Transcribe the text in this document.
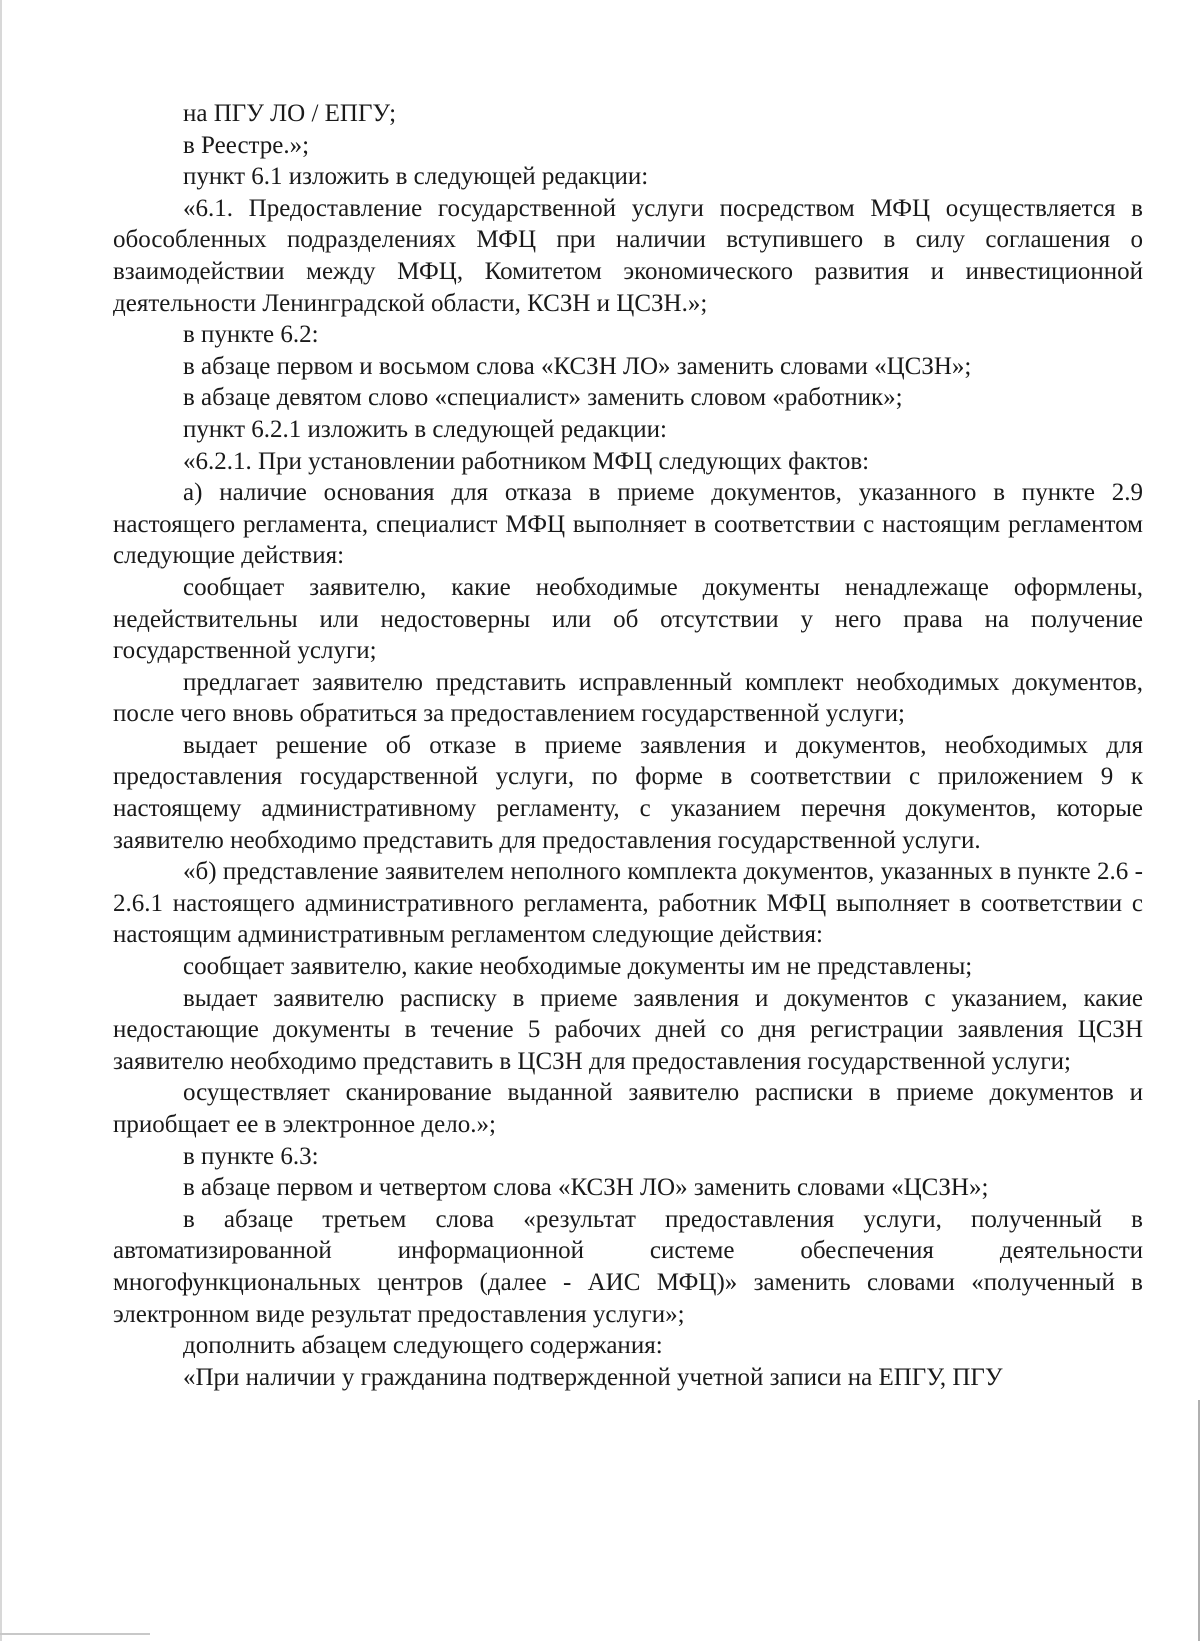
на ПГУ ЛО / ЕПГУ;

в Реестре.»;

пункт 6.1 изложить в следующей редакции:

«6.1. Предоставление государственной услуги посредством МФЦ осуществляется в обособленных подразделениях МФЦ при наличии вступившего в силу соглашения о взаимодействии между МФЦ, Комитетом экономического развития и инвестиционной деятельности Ленинградской области, КСЗН и ЦСЗН.»;

в пункте 6.2:

в абзаце первом и восьмом слова «КСЗН ЛО» заменить словами «ЦСЗН»;

в абзаце девятом слово «специалист» заменить словом «работник»;

пункт 6.2.1 изложить в следующей редакции:

«6.2.1. При установлении работником МФЦ следующих фактов:

а) наличие основания для отказа в приеме документов, указанного в пункте 2.9 настоящего регламента, специалист МФЦ выполняет в соответствии с настоящим регламентом следующие действия:

сообщает заявителю, какие необходимые документы ненадлежаще оформлены, недействительны или недостоверны или об отсутствии у него права на получение государственной услуги;

предлагает заявителю представить исправленный комплект необходимых документов, после чего вновь обратиться за предоставлением государственной услуги;

выдает решение об отказе в приеме заявления и документов, необходимых для предоставления государственной услуги, по форме в соответствии с приложением 9 к настоящему административному регламенту, с указанием перечня документов, которые заявителю необходимо представить для предоставления государственной услуги.

«б) представление заявителем неполного комплекта документов, указанных в пункте 2.6 - 2.6.1 настоящего административного регламента, работник МФЦ выполняет в соответствии с настоящим административным регламентом следующие действия:

сообщает заявителю, какие необходимые документы им не представлены;

выдает заявителю расписку в приеме заявления и документов с указанием, какие недостающие документы в течение 5 рабочих дней со дня регистрации заявления ЦСЗН заявителю необходимо представить в ЦСЗН для предоставления государственной услуги;

осуществляет сканирование выданной заявителю расписки в приеме документов и приобщает ее в электронное дело.»;

в пункте 6.3:

в абзаце первом и четвертом слова «КСЗН ЛО» заменить словами «ЦСЗН»;

в абзаце третьем слова «результат предоставления услуги, полученный в автоматизированной информационной системе обеспечения деятельности многофункциональных центров (далее - АИС МФЦ)» заменить словами «полученный в электронном виде результат предоставления услуги»;

дополнить абзацем следующего содержания:

«При наличии у гражданина подтвержденной учетной записи на ЕПГУ, ПГУ
